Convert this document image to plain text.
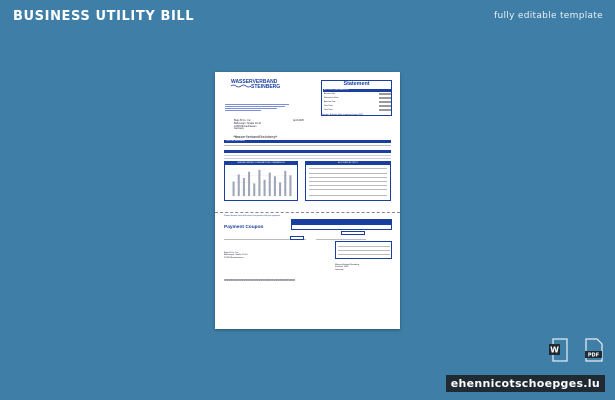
BUSINESS UTILITY BILL	fully editable template
WASSERVERBAND
STEINBERG
Statement
ACCOUNT INFORMATION
Account No.
Statement Date
Amount Due
Due Date
Total Due
Bugs B Co., Inc.
Bahnengrn. Straße 10-14
12345 Musterhausen
Germany
April 2025
Sender: Erhalten Bitte angeben Datum 2025
*WasserVerbandSteinberg*
SPECIAL MESSAGE
ANNUAL WATER CONSUMPTION COMPARISON	ACCOUNT ACTIVITY
Please detach here and return this portion with your payment
Payment Coupon
Bugs B Co., Inc.
Bahnengrn. Straße 10-14
12345 Musterhausen
WasserVerband Steinberg
Postfach 1234
Germany
0000000000000000000000000000000000000000000000000000
W
PDF
ehennicotschoepges.lu
